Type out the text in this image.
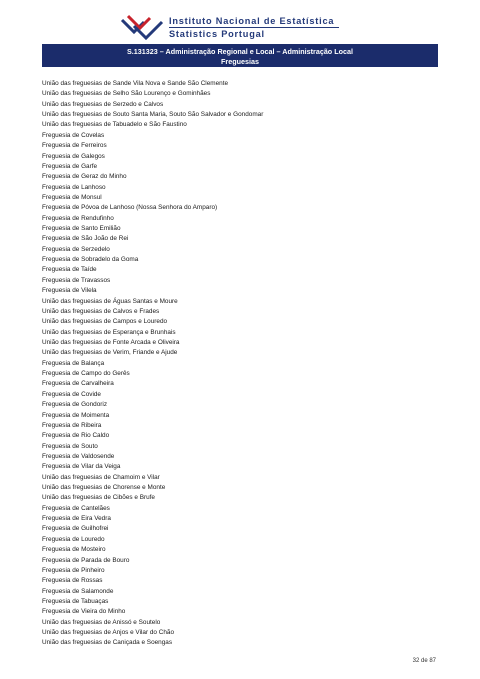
Instituto Nacional de Estatística
Statistics Portugal
S.131323 – Administração Regional e Local – Administração Local
Freguesias
União das freguesias de Sande Vila Nova e Sande São Clemente
União das freguesias de Selho São Lourenço e Gominhães
União das freguesias de Serzedo e Calvos
União das freguesias de Souto Santa Maria, Souto São Salvador e Gondomar
União das freguesias de Tabuadelo e São Faustino
Freguesia de Covelas
Freguesia de Ferreiros
Freguesia de Galegos
Freguesia de Garfe
Freguesia de Geraz do Minho
Freguesia de Lanhoso
Freguesia de Monsul
Freguesia de Póvoa de Lanhoso (Nossa Senhora do Amparo)
Freguesia de Rendufinho
Freguesia de Santo Emilião
Freguesia de São João de Rei
Freguesia de Serzedelo
Freguesia de Sobradelo da Goma
Freguesia de Taíde
Freguesia de Travassos
Freguesia de Vilela
União das freguesias de Águas Santas e Moure
União das freguesias de Calvos e Frades
União das freguesias de Campos e Louredo
União das freguesias de Esperança e Brunhais
União das freguesias de Fonte Arcada e Oliveira
União das freguesias de Verim, Friande e Ajude
Freguesia de Balança
Freguesia de Campo do Gerês
Freguesia de Carvalheira
Freguesia de Covide
Freguesia de Gondoriz
Freguesia de Moimenta
Freguesia de Ribeira
Freguesia de Rio Caldo
Freguesia de Souto
Freguesia de Valdosende
Freguesia de Vilar da Veiga
União das freguesias de Chamoim e Vilar
União das freguesias de Chorense e Monte
União das freguesias de Cibões e Brufe
Freguesia de Cantelães
Freguesia de Eira Vedra
Freguesia de Guilhofrei
Freguesia de Louredo
Freguesia de Mosteiro
Freguesia de Parada de Bouro
Freguesia de Pinheiro
Freguesia de Rossas
Freguesia de Salamonde
Freguesia de Tabuaças
Freguesia de Vieira do Minho
União das freguesias de Anissó e Soutelo
União das freguesias de Anjos e Vilar do Chão
União das freguesias de Caniçada e Soengas
32 de 87
​
